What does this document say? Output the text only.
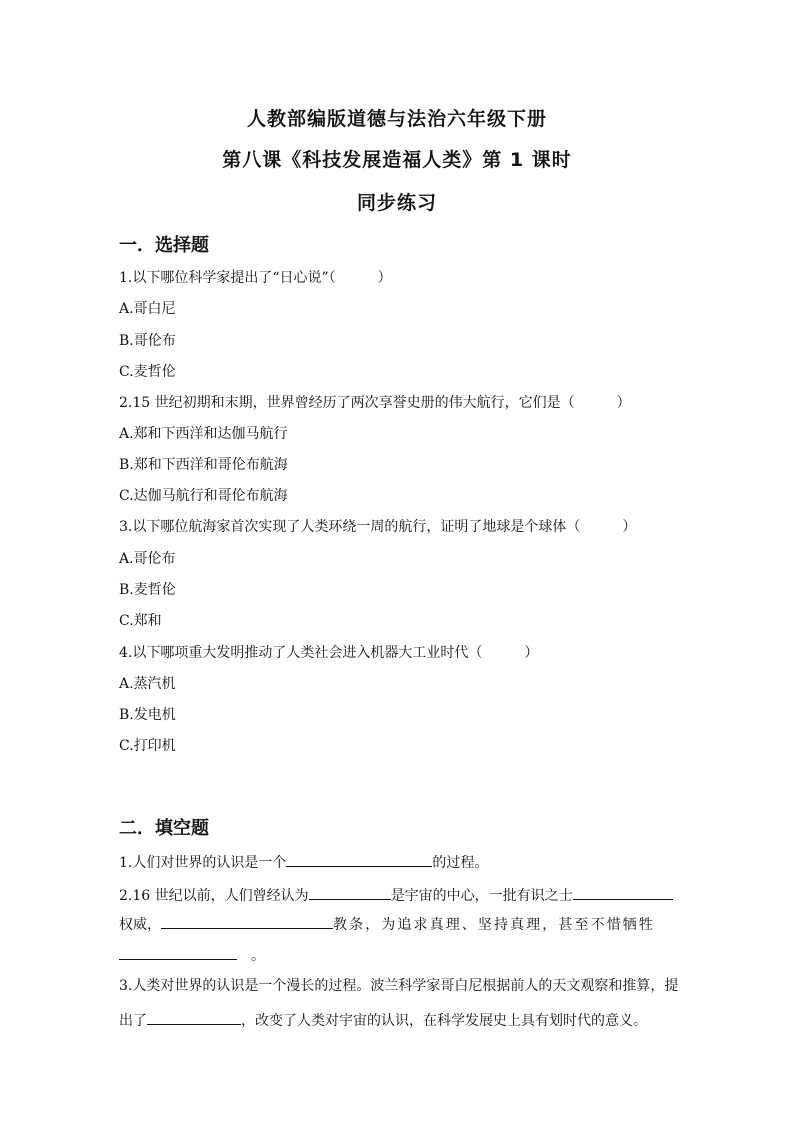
人教部编版道德与法治六年级下册
第八课《科技发展造福人类》第 1 课时
同步练习
一．选择题
1.以下哪位科学家提出了“日心说”（　　　）
A.哥白尼
B.哥伦布
C.麦哲伦
2.15 世纪初期和末期，世界曾经历了两次享誉史册的伟大航行，它们是（　　　）
A.郑和下西洋和达伽马航行
B.郑和下西洋和哥伦布航海
C.达伽马航行和哥伦布航海
3.以下哪位航海家首次实现了人类环绕一周的航行，证明了地球是个球体（　　　）
A.哥伦布
B.麦哲伦
C.郑和
4.以下哪项重大发明推动了人类社会进入机器大工业时代（　　　）
A.蒸汽机
B.发电机
C.打印机
二．填空题
1.人们对世界的认识是一个	的过程。
2.16 世纪以前，人们曾经认为	是宇宙的中心，一批有识之士
权威，	教条，为追求真理、坚持真理，甚至不惜牺牲
。
3.人类对世界的认识是一个漫长的过程。波兰科学家哥白尼根据前人的天文观察和推算，提
出了	，改变了人类对宇宙的认识，在科学发展史上具有划时代的意义。
